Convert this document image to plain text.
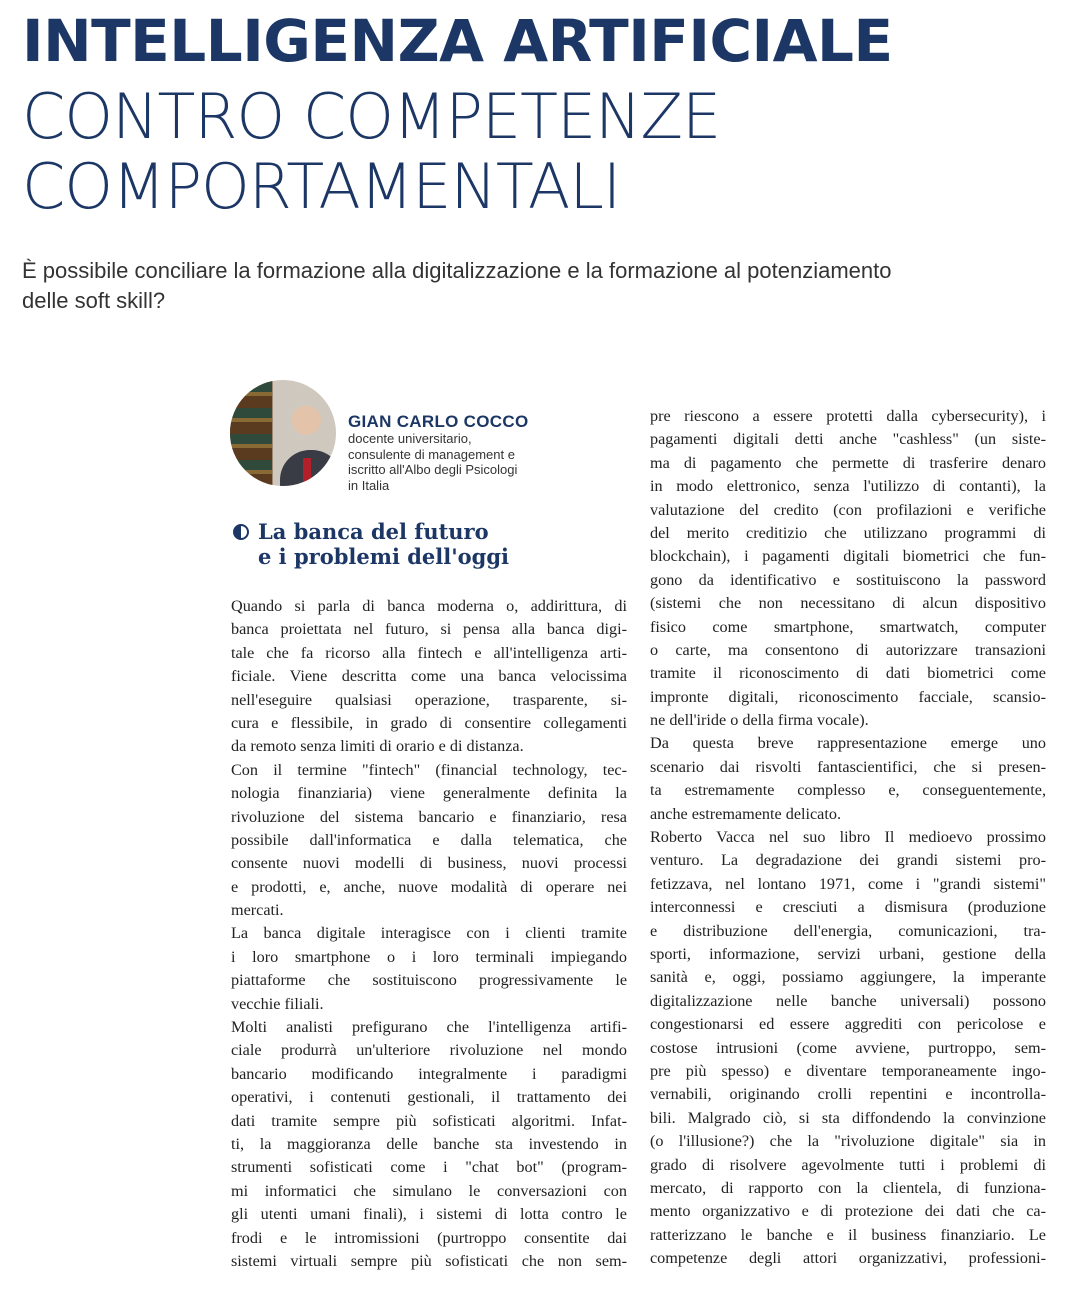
INTELLIGENZA ARTIFICIALE
CONTRO COMPETENZE
COMPORTAMENTALI

È possibile conciliare la formazione alla digitalizzazione e la formazione al potenziamento delle soft skill?

GIAN CARLO COCCO

docente universitario,
consulente di management e
iscritto all'Albo degli Psicologi
in Italia

La banca del futuro
e i problemi dell'oggi
Quando si parla di banca moderna o, addirittura, di
banca proiettata nel futuro, si pensa alla banca digi-
tale che fa ricorso alla fintech e all'intelligenza arti-
ficiale. Viene descritta come una banca velocissima
nell'eseguire qualsiasi operazione, trasparente, si-
cura e flessibile, in grado di consentire collegamenti
da remoto senza limiti di orario e di distanza.
Con il termine "fintech" (financial technology, tec-
nologia finanziaria) viene generalmente definita la
rivoluzione del sistema bancario e finanziario, resa
possibile dall'informatica e dalla telematica, che
consente nuovi modelli di business, nuovi processi
e prodotti, e, anche, nuove modalità di operare nei
mercati.
La banca digitale interagisce con i clienti tramite
i loro smartphone o i loro terminali impiegando
piattaforme che sostituiscono progressivamente le
vecchie filiali.
Molti analisti prefigurano che l'intelligenza artifi-
ciale produrrà un'ulteriore rivoluzione nel mondo
bancario modificando integralmente i paradigmi
operativi, i contenuti gestionali, il trattamento dei
dati tramite sempre più sofisticati algoritmi. Infat-
ti, la maggioranza delle banche sta investendo in
strumenti sofisticati come i "chat bot" (program-
mi informatici che simulano le conversazioni con
gli utenti umani finali), i sistemi di lotta contro le
frodi e le intromissioni (purtroppo consentite dai
sistemi virtuali sempre più sofisticati che non sem-
pre riescono a essere protetti dalla cybersecurity), i
pagamenti digitali detti anche "cashless" (un siste-
ma di pagamento che permette di trasferire denaro
in modo elettronico, senza l'utilizzo di contanti), la
valutazione del credito (con profilazioni e verifiche
del merito creditizio che utilizzano programmi di
blockchain), i pagamenti digitali biometrici che fun-
gono da identificativo e sostituiscono la password
(sistemi che non necessitano di alcun dispositivo
fisico come smartphone, smartwatch, computer
o carte, ma consentono di autorizzare transazioni
tramite il riconoscimento di dati biometrici come
impronte digitali, riconoscimento facciale, scansio-
ne dell'iride o della firma vocale).
Da questa breve rappresentazione emerge uno
scenario dai risvolti fantascientifici, che si presen-
ta estremamente complesso e, conseguentemente,
anche estremamente delicato.
Roberto Vacca nel suo libro Il medioevo prossimo
venturo. La degradazione dei grandi sistemi pro-
fetizzava, nel lontano 1971, come i "grandi sistemi"
interconnessi e cresciuti a dismisura (produzione
e distribuzione dell'energia, comunicazioni, tra-
sporti, informazione, servizi urbani, gestione della
sanità e, oggi, possiamo aggiungere, la imperante
digitalizzazione nelle banche universali) possono
congestionarsi ed essere aggrediti con pericolose e
costose intrusioni (come avviene, purtroppo, sem-
pre più spesso) e diventare temporaneamente ingo-
vernabili, originando crolli repentini e incontrolla-
bili. Malgrado ciò, si sta diffondendo la convinzione
(o l'illusione?) che la "rivoluzione digitale" sia in
grado di risolvere agevolmente tutti i problemi di
mercato, di rapporto con la clientela, di funziona-
mento organizzativo e di protezione dei dati che ca-
ratterizzano le banche e il business finanziario. Le
competenze degli attori organizzativi, professioni-
